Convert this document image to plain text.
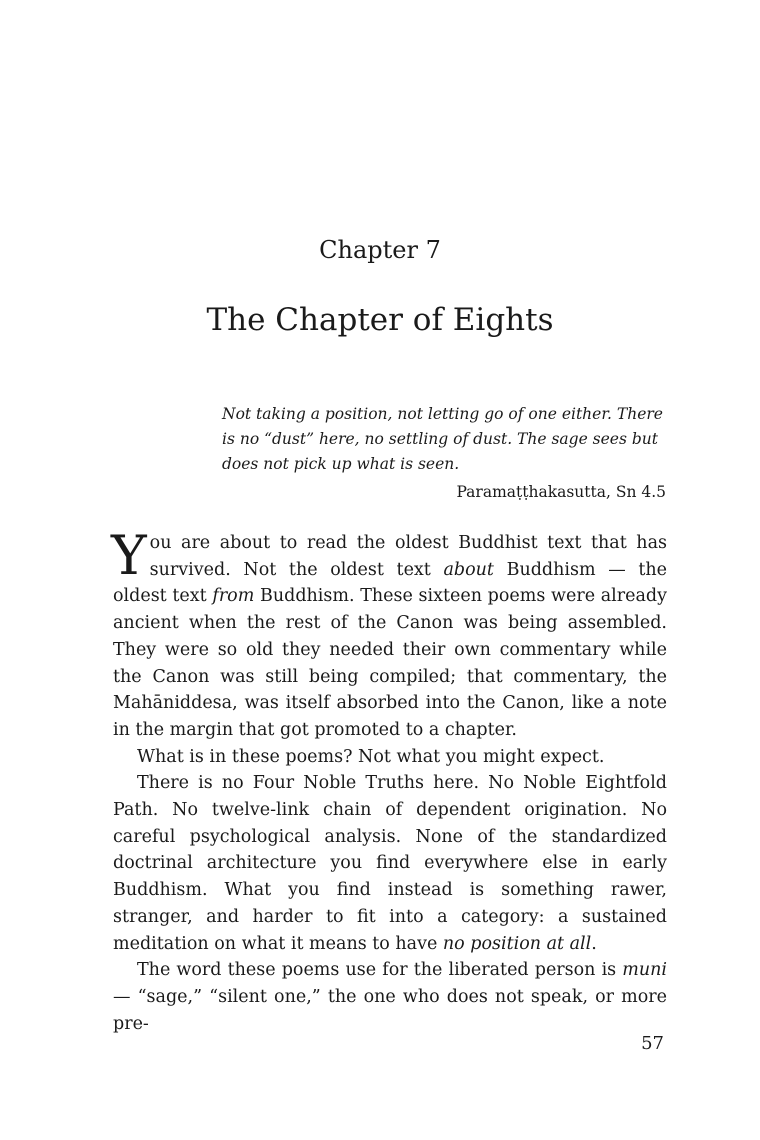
Chapter 7
The Chapter of Eights
Not taking a position, not letting go of one either. There is no “dust” here, no settling of dust. The sage sees but does not pick up what is seen.
Paramaṭṭhakasutta, Sn 4.5

You are about to read the oldest Buddhist text that has survived. Not the oldest text about Buddhism — the oldest text from Buddhism. These sixteen poems were already ancient when the rest of the Canon was being assembled. They were so old they needed their own commentary while the Canon was still being compiled; that commentary, the Mahāniddesa, was itself absorbed into the Canon, like a note in the margin that got promoted to a chapter.

What is in these poems? Not what you might expect.

There is no Four Noble Truths here. No Noble Eightfold Path. No twelve-link chain of dependent origination. No careful psychological analysis. None of the standardized doctrinal architecture you find everywhere else in early Buddhism. What you find instead is something rawer, stranger, and harder to fit into a category: a sustained meditation on what it means to have no position at all.

The word these poems use for the liberated person is muni — “sage,” “silent one,” the one who does not speak, or more pre-

57
